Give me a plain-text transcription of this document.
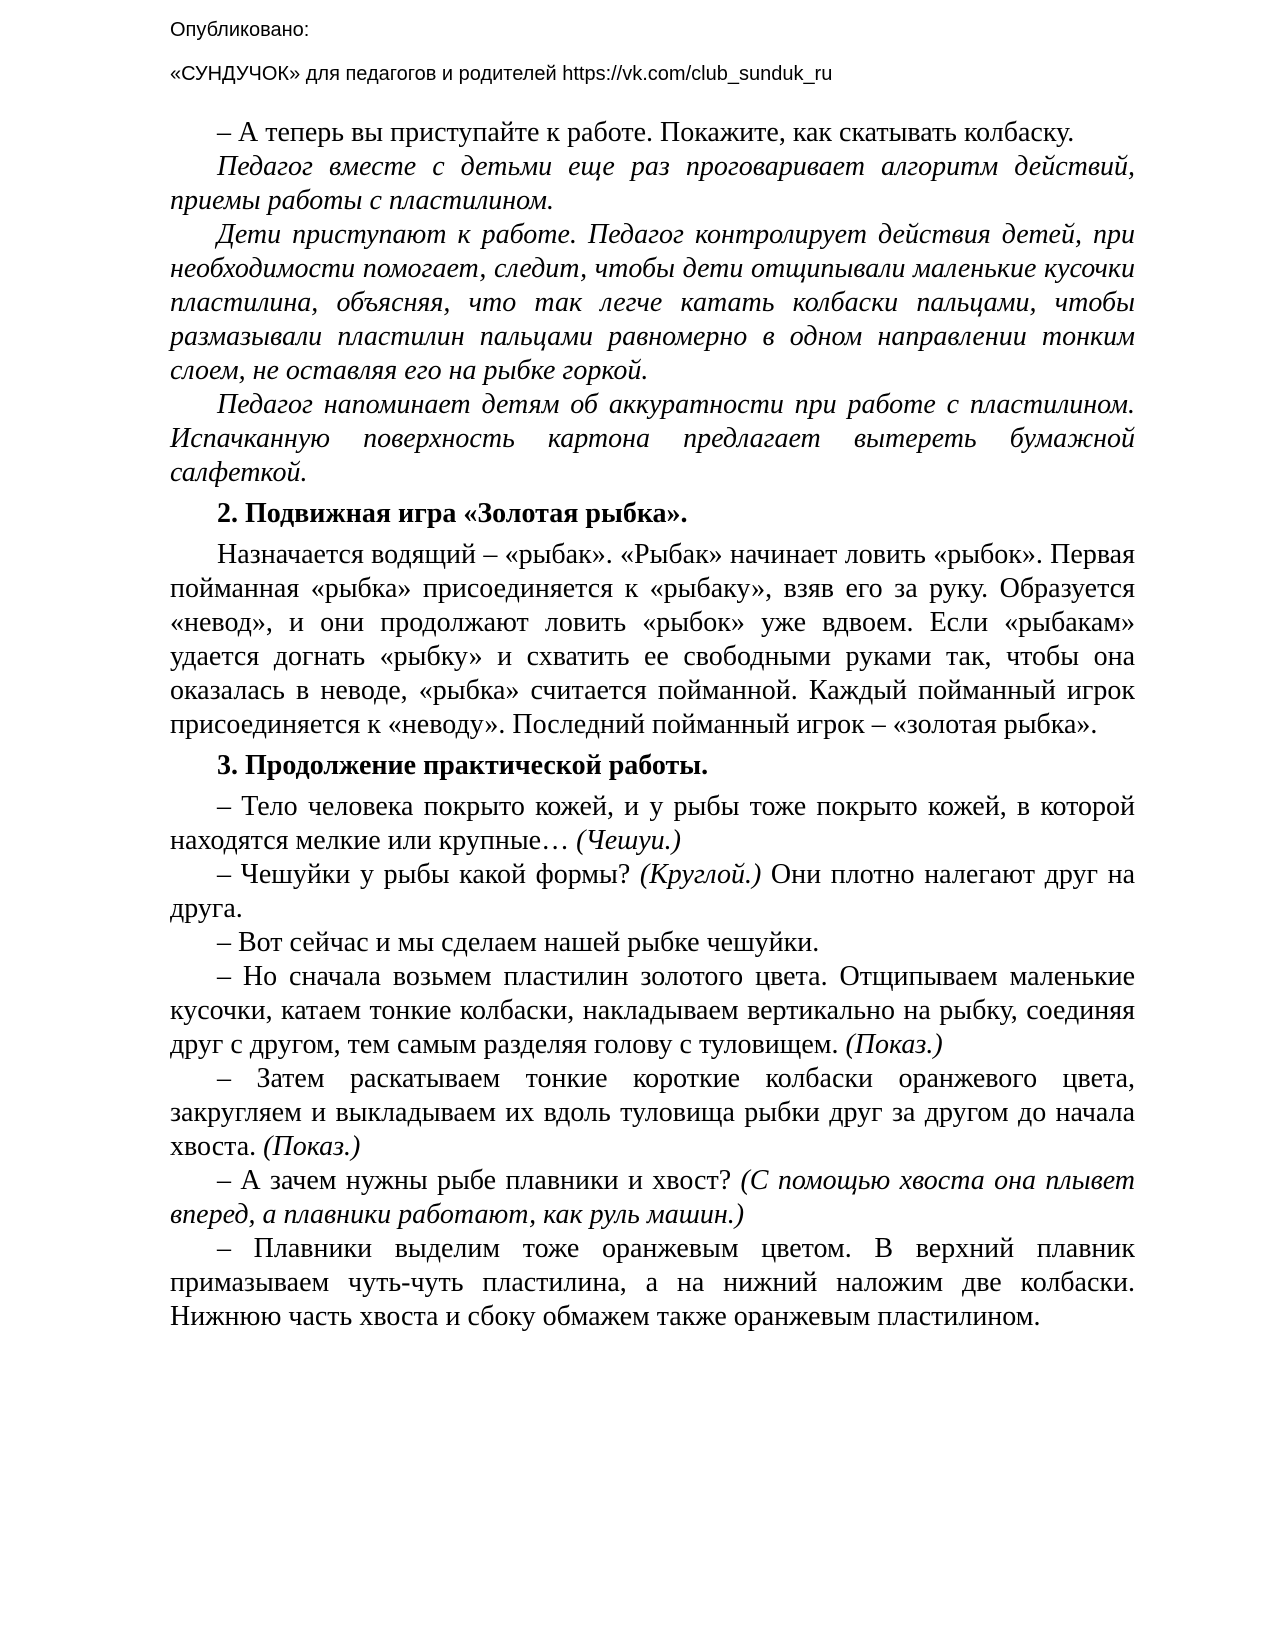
Опубликовано:

«СУНДУЧОК» для педагогов и родителей https://vk.com/club_sunduk_ru

– А теперь вы приступайте к работе. Покажите, как скатывать колбаску.

Педагог вместе с детьми еще раз проговаривает алгоритм действий, приемы работы с пластилином.

Дети приступают к работе. Педагог контролирует действия детей, при необходимости помогает, следит, чтобы дети отщипывали маленькие кусочки пластилина, объясняя, что так легче катать колбаски пальцами, чтобы размазывали пластилин пальцами равномерно в одном направлении тонким слоем, не оставляя его на рыбке горкой.

Педагог напоминает детям об аккуратности при работе с пластилином. Испачканную поверхность картона предлагает вытереть бумажной салфеткой.

2. Подвижная игра «Золотая рыбка».

Назначается водящий – «рыбак». «Рыбак» начинает ловить «рыбок». Первая пойманная «рыбка» присоединяется к «рыбаку», взяв его за руку. Образуется «невод», и они продолжают ловить «рыбок» уже вдвоем. Если «рыбакам» удается догнать «рыбку» и схватить ее свободными руками так, чтобы она оказалась в неводе, «рыбка» считается пойманной. Каждый пойманный игрок присоединяется к «неводу». Последний пойманный игрок – «золотая рыбка».

3. Продолжение практической работы.

– Тело человека покрыто кожей, и у рыбы тоже покрыто кожей, в которой находятся мелкие или крупные… (Чешуи.)

– Чешуйки у рыбы какой формы? (Круглой.) Они плотно налегают друг на друга.

– Вот сейчас и мы сделаем нашей рыбке чешуйки.

– Но сначала возьмем пластилин золотого цвета. Отщипываем маленькие кусочки, катаем тонкие колбаски, накладываем вертикально на рыбку, соединяя друг с другом, тем самым разделяя голову с туловищем. (Показ.)

– Затем раскатываем тонкие короткие колбаски оранжевого цвета, закругляем и выкладываем их вдоль туловища рыбки друг за другом до начала хвоста. (Показ.)

– А зачем нужны рыбе плавники и хвост? (С помощью хвоста она плывет вперед, а плавники работают, как руль машин.)

– Плавники выделим тоже оранжевым цветом. В верхний плавник примазываем чуть-чуть пластилина, а на нижний наложим две колбаски. Нижнюю часть хвоста и сбоку обмажем также оранжевым пластилином.
